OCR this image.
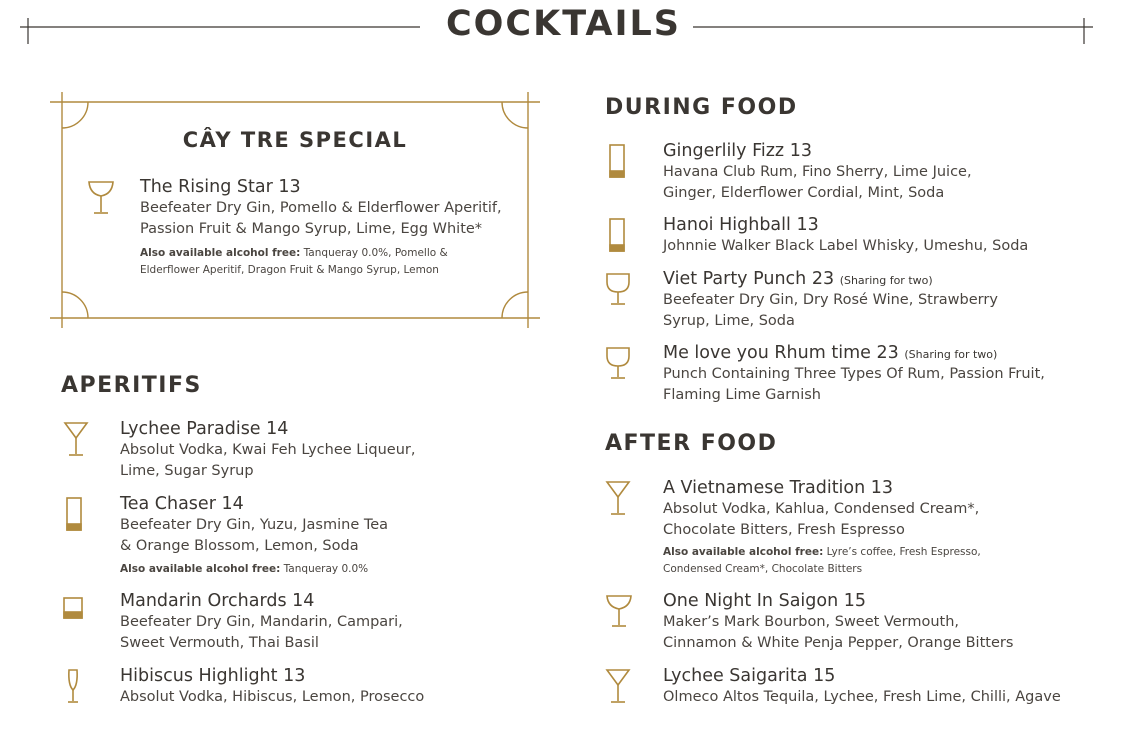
COCKTAILS
CÂY TRE SPECIAL
The Rising Star 13
Beefeater Dry Gin, Pomello & Elderflower Aperitif,
Passion Fruit & Mango Syrup, Lime, Egg White*
Also available alcohol free: Tanqueray 0.0%, Pomello &
Elderflower Aperitif, Dragon Fruit & Mango Syrup, Lemon
APERITIFS
Lychee Paradise 14
Absolut Vodka, Kwai Feh Lychee Liqueur,
Lime, Sugar Syrup
Tea Chaser 14
Beefeater Dry Gin, Yuzu, Jasmine Tea
& Orange Blossom, Lemon, Soda
Also available alcohol free: Tanqueray 0.0%
Mandarin Orchards 14
Beefeater Dry Gin, Mandarin, Campari,
Sweet Vermouth, Thai Basil
Hibiscus Highlight 13
Absolut Vodka, Hibiscus, Lemon, Prosecco
DURING FOOD
Gingerlily Fizz 13
Havana Club Rum, Fino Sherry, Lime Juice,
Ginger, Elderflower Cordial, Mint, Soda
Hanoi Highball 13
Johnnie Walker Black Label Whisky, Umeshu, Soda
Viet Party Punch 23 (Sharing for two)
Beefeater Dry Gin, Dry Rosé Wine, Strawberry
Syrup, Lime, Soda
Me love you Rhum time 23 (Sharing for two)
Punch Containing Three Types Of Rum, Passion Fruit,
Flaming Lime Garnish
AFTER FOOD
A Vietnamese Tradition 13
Absolut Vodka, Kahlua, Condensed Cream*,
Chocolate Bitters, Fresh Espresso
Also available alcohol free: Lyre’s coffee, Fresh Espresso,
Condensed Cream*, Chocolate Bitters
One Night In Saigon 15
Maker’s Mark Bourbon, Sweet Vermouth,
Cinnamon & White Penja Pepper, Orange Bitters
Lychee Saigarita 15
Olmeco Altos Tequila, Lychee, Fresh Lime, Chilli, Agave
